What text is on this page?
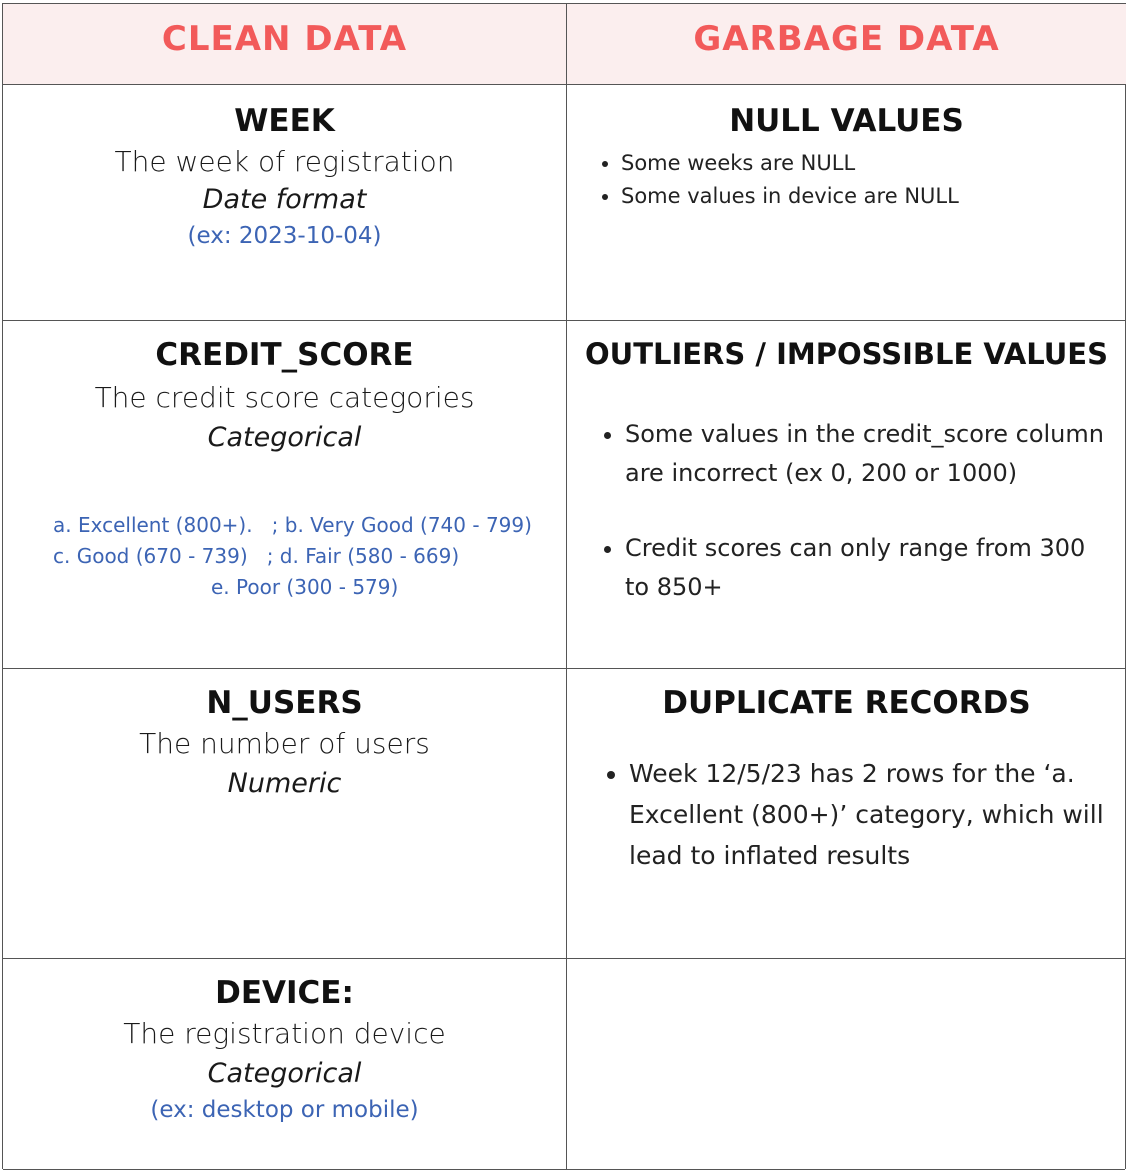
CLEAN DATA	GARBAGE DATA
WEEK
The week of registration
Date format
(ex: 2023-10-04)
NULL VALUES
• Some weeks are NULL
• Some values in device are NULL
CREDIT_SCORE
The credit score categories
Categorical
a. Excellent (800+).   ; b. Very Good (740 - 799)
c. Good (670 - 739)   ; d. Fair (580 - 669)
e. Poor (300 - 579)
OUTLIERS / IMPOSSIBLE VALUES
• Some values in the credit_score column are incorrect (ex 0, 200 or 1000)
• Credit scores can only range from 300 to 850+
N_USERS
The number of users
Numeric
DUPLICATE RECORDS
• Week 12/5/23 has 2 rows for the ‘a. Excellent (800+)’ category, which will lead to inflated results
DEVICE:
The registration device
Categorical
(ex: desktop or mobile)
